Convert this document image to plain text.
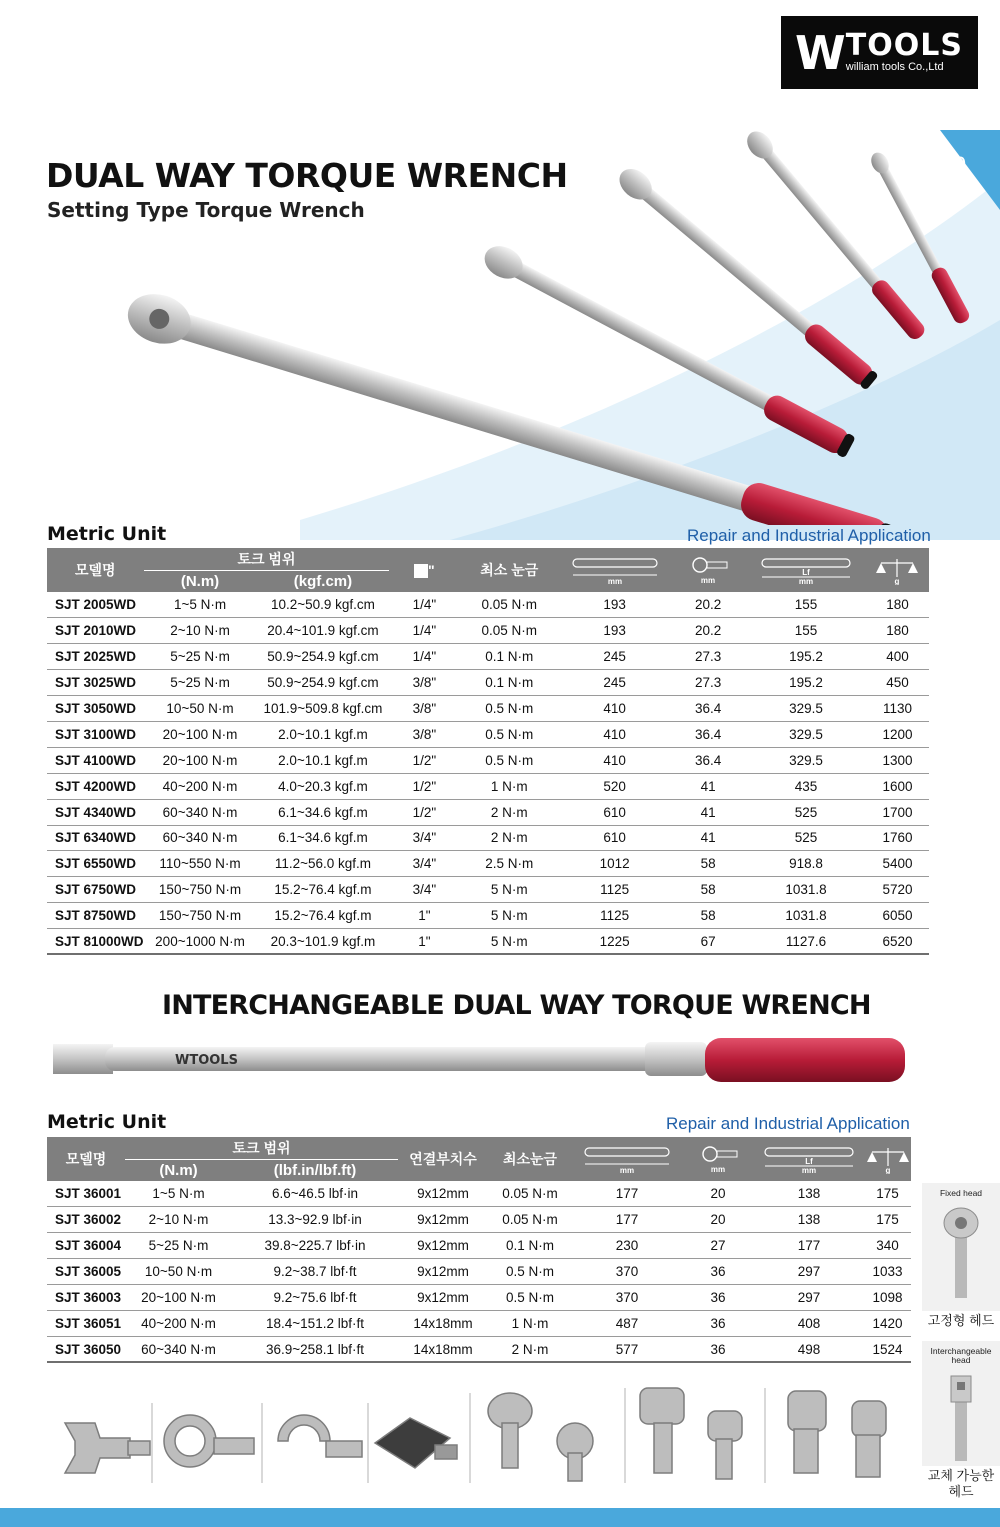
W TOOLS
william tools Co.,Ltd
9
DUAL WAY TORQUE WRENCH
Setting Type Torque Wrench
Metric Unit	Repair and Industrial Application
모델명	토크 범위		"	최소 눈금	mm	mm	Lf
mm	g

	(N.m)	(kgf.cm)						
SJT 2005WD	1~5 N·m	10.2~50.9 kgf.cm	1/4"	0.05 N·m	193	20.2	155	180
SJT 2010WD	2~10 N·m	20.4~101.9 kgf.cm	1/4"	0.05 N·m	193	20.2	155	180
SJT 2025WD	5~25 N·m	50.9~254.9 kgf.cm	1/4"	0.1 N·m	245	27.3	195.2	400
SJT 3025WD	5~25 N·m	50.9~254.9 kgf.cm	3/8"	0.1 N·m	245	27.3	195.2	450
SJT 3050WD	10~50 N·m	101.9~509.8 kgf.cm	3/8"	0.5 N·m	410	36.4	329.5	1130
SJT 3100WD	20~100 N·m	2.0~10.1 kgf.m	3/8"	0.5 N·m	410	36.4	329.5	1200
SJT 4100WD	20~100 N·m	2.0~10.1 kgf.m	1/2"	0.5 N·m	410	36.4	329.5	1300
SJT 4200WD	40~200 N·m	4.0~20.3 kgf.m	1/2"	1 N·m	520	41	435	1600
SJT 4340WD	60~340 N·m	6.1~34.6 kgf.m	1/2"	2 N·m	610	41	525	1700
SJT 6340WD	60~340 N·m	6.1~34.6 kgf.m	3/4"	2 N·m	610	41	525	1760
SJT 6550WD	110~550 N·m	11.2~56.0 kgf.m	3/4"	2.5 N·m	1012	58	918.8	5400
SJT 6750WD	150~750 N·m	15.2~76.4 kgf.m	3/4"	5 N·m	1125	58	1031.8	5720
SJT 8750WD	150~750 N·m	15.2~76.4 kgf.m	1"	5 N·m	1125	58	1031.8	6050
SJT 81000WD	200~1000 N·m	20.3~101.9 kgf.m	1"	5 N·m	1225	67	1127.6	6520
INTERCHANGEABLE DUAL WAY TORQUE WRENCH
WTOOLS
Metric Unit	Repair and Industrial Application
모델명	토크 범위		연결부치수	최소눈금	mm	mm	Lf
mm	g

	(N.m)	(lbf.in/lbf.ft)						
SJT 36001	1~5 N·m	6.6~46.5 lbf·in	9x12mm	0.05 N·m	177	20	138	175
SJT 36002	2~10 N·m	13.3~92.9 lbf·in	9x12mm	0.05 N·m	177	20	138	175
SJT 36004	5~25 N·m	39.8~225.7 lbf·in	9x12mm	0.1 N·m	230	27	177	340
SJT 36005	10~50 N·m	9.2~38.7 lbf·ft	9x12mm	0.5 N·m	370	36	297	1033
SJT 36003	20~100 N·m	9.2~75.6 lbf·ft	9x12mm	0.5 N·m	370	36	297	1098
SJT 36051	40~200 N·m	18.4~151.2 lbf·ft	14x18mm	1 N·m	487	36	408	1420
SJT 36050	60~340 N·m	36.9~258.1 lbf·ft	14x18mm	2 N·m	577	36	498	1524
Fixed head
고정형 헤드
Interchangeable head
교체 가능한 헤드
